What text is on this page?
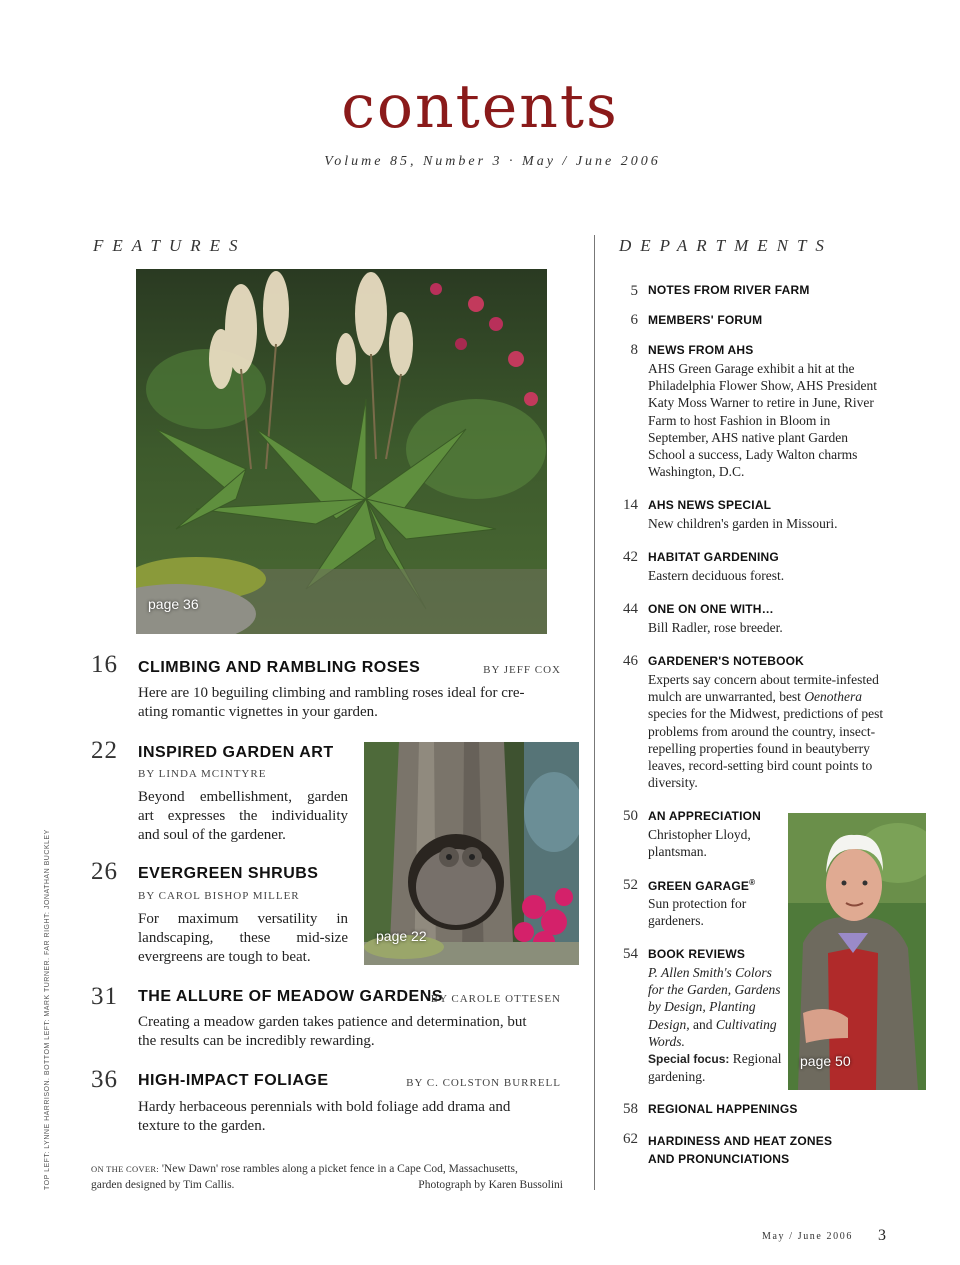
contents
Volume 85, Number 3 · May / June 2006
FEATURES	DEPARTMENTS
page 36
16 CLIMBING AND RAMBLING ROSES	BY JEFF COX
Here are 10 beguiling climbing and rambling roses ideal for cre-
ating romantic vignettes in your garden.
22 INSPIRED GARDEN ART
BY LINDA MCINTYRE
Beyond embellishment, garden
art expresses the individuality
and soul of the gardener.
page 22
26 EVERGREEN SHRUBS
BY CAROL BISHOP MILLER
For maximum versatility in
landscaping, these mid-size
evergreens are tough to beat.
31 THE ALLURE OF MEADOW GARDENS
BY CAROLE OTTESEN
Creating a meadow garden takes patience and determination, but
the results can be incredibly rewarding.
36 HIGH-IMPACT FOLIAGE	BY C. COLSTON BURRELL
Hardy herbaceous perennials with bold foliage add drama and
texture to the garden.
ON THE COVER: 'New Dawn' rose rambles along a picket fence in a Cape Cod, Massachusetts,
garden designed by Tim Callis.	Photograph by Karen Bussolini
TOP LEFT: LYNNE HARRISON. BOTTOM LEFT: MARK TURNER. FAR RIGHT: JONATHAN BUCKLEY
5 NOTES FROM RIVER FARM
6 MEMBERS' FORUM
8 NEWS FROM AHS
AHS Green Garage exhibit a hit at the
Philadelphia Flower Show, AHS President
Katy Moss Warner to retire in June, River
Farm to host Fashion in Bloom in
September, AHS native plant Garden
School a success, Lady Walton charms
Washington, D.C.
14 AHS NEWS SPECIAL
New children's garden in Missouri.
42 HABITAT GARDENING
Eastern deciduous forest.
44 ONE ON ONE WITH…
Bill Radler, rose breeder.
46 GARDENER'S NOTEBOOK
Experts say concern about termite-infested
mulch are unwarranted, best Oenothera
species for the Midwest, predictions of pest
problems from around the country, insect-
repelling properties found in beautyberry
leaves, record-setting bird count points to
diversity.
50 AN APPRECIATION
Christopher Lloyd,
plantsman.
52 GREEN GARAGE®
Sun protection for
gardeners.
54 BOOK REVIEWS
P. Allen Smith's Colors
for the Garden, Gardens
by Design, Planting
Design, and Cultivating
Words.
Special focus: Regional
gardening.
58 REGIONAL HAPPENINGS
62 HARDINESS AND HEAT ZONES
AND PRONUNCIATIONS
page 50
May / June 2006 3
